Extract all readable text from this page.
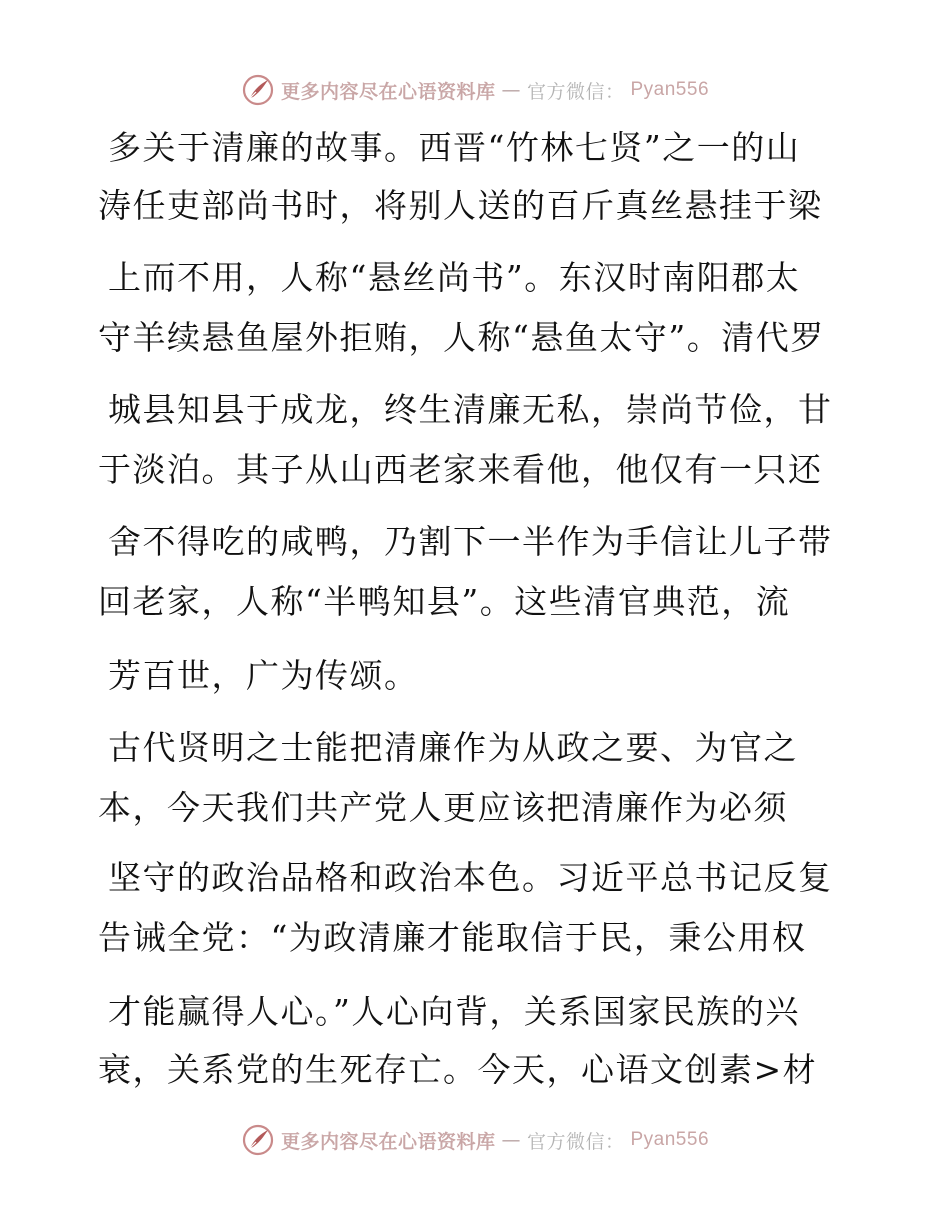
更多内容尽在心语资料库 — 官方微信： Pyan556
多关于清廉的故事。西晋“竹林七贤”之一的山
涛任吏部尚书时，将别人送的百斤真丝悬挂于梁
上而不用，人称“悬丝尚书”。东汉时南阳郡太
守羊续悬鱼屋外拒贿，人称“悬鱼太守”。清代罗
城县知县于成龙，终生清廉无私，崇尚节俭，甘
于淡泊。其子从山西老家来看他，他仅有一只还
舍不得吃的咸鸭，乃割下一半作为手信让儿子带
回老家，人称“半鸭知县”。这些清官典范，流
芳百世，广为传颂。
古代贤明之士能把清廉作为从政之要、为官之
本，今天我们共产党人更应该把清廉作为必须
坚守的政治品格和政治本色。习近平总书记反复
告诫全党：“为政清廉才能取信于民，秉公用权
才能赢得人心。”人心向背，关系国家民族的兴
衰，关系党的生死存亡。今天，心语文创素>材
更多内容尽在心语资料库 — 官方微信： Pyan556
